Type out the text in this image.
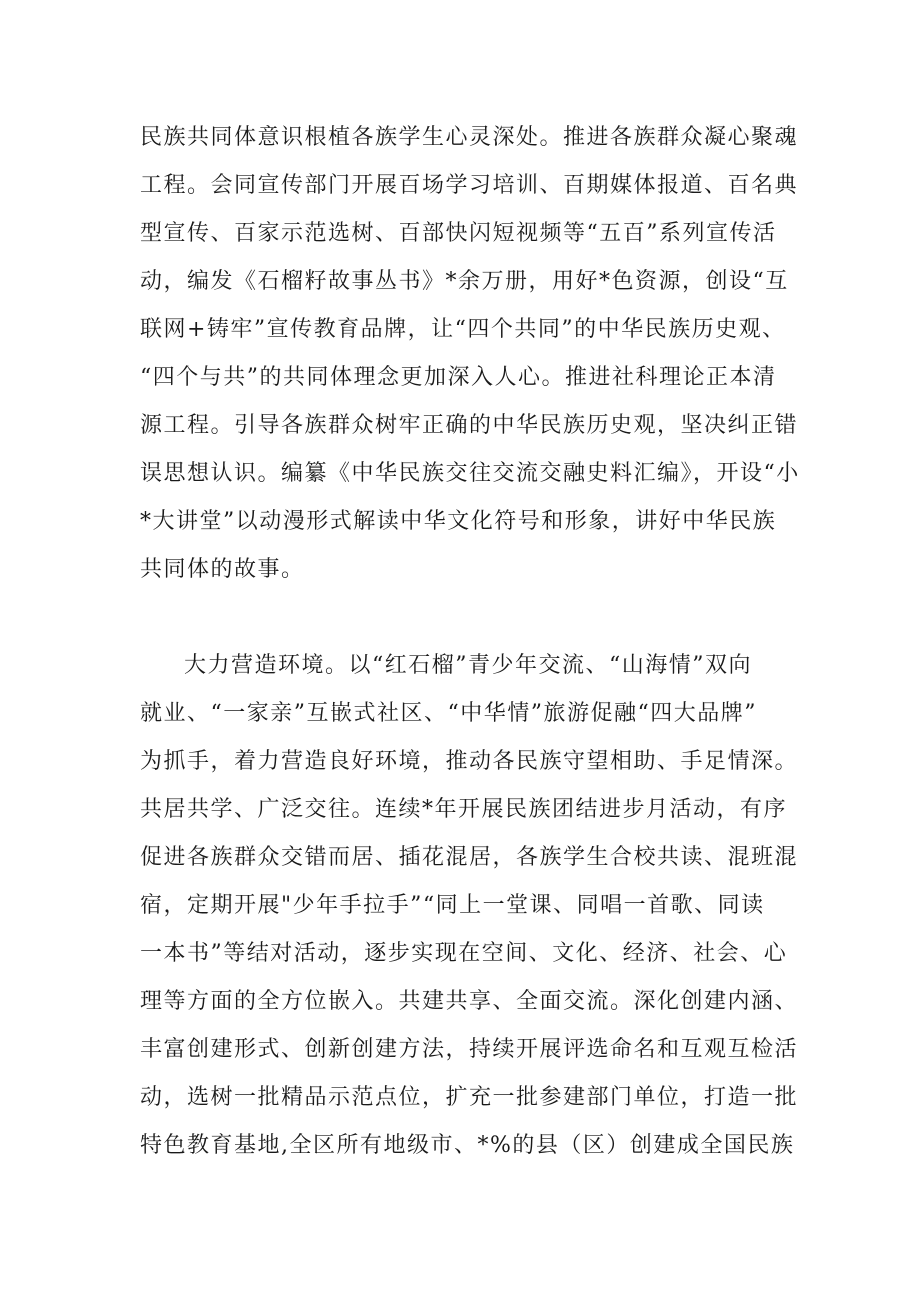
民族共同体意识根植各族学生心灵深处。推进各族群众凝心聚魂
工程。会同宣传部门开展百场学习培训、百期媒体报道、百名典
型宣传、百家示范选树、百部快闪短视频等“五百”系列宣传活
动，编发《石榴籽故事丛书》*余万册，用好*色资源，创设“互
联网+铸牢”宣传教育品牌，让“四个共同”的中华民族历史观、
“四个与共”的共同体理念更加深入人心。推进社科理论正本清
源工程。引导各族群众树牢正确的中华民族历史观，坚决纠正错
误思想认识。编纂《中华民族交往交流交融史料汇编》，开设“小
*大讲堂”以动漫形式解读中华文化符号和形象，讲好中华民族
共同体的故事。
大力营造环境。以“红石榴”青少年交流、“山海情”双向
就业、“一家亲”互嵌式社区、“中华情”旅游促融“四大品牌”
为抓手，着力营造良好环境，推动各民族守望相助、手足情深。
共居共学、广泛交往。连续*年开展民族团结进步月活动，有序
促进各族群众交错而居、插花混居，各族学生合校共读、混班混
宿，定期开展"少年手拉手”“同上一堂课、同唱一首歌、同读
一本书”等结对活动，逐步实现在空间、文化、经济、社会、心
理等方面的全方位嵌入。共建共享、全面交流。深化创建内涵、
丰富创建形式、创新创建方法，持续开展评选命名和互观互检活
动，选树一批精品示范点位，扩充一批参建部门单位，打造一批
特色教育基地,全区所有地级市、*%的县（区）创建成全国民族
